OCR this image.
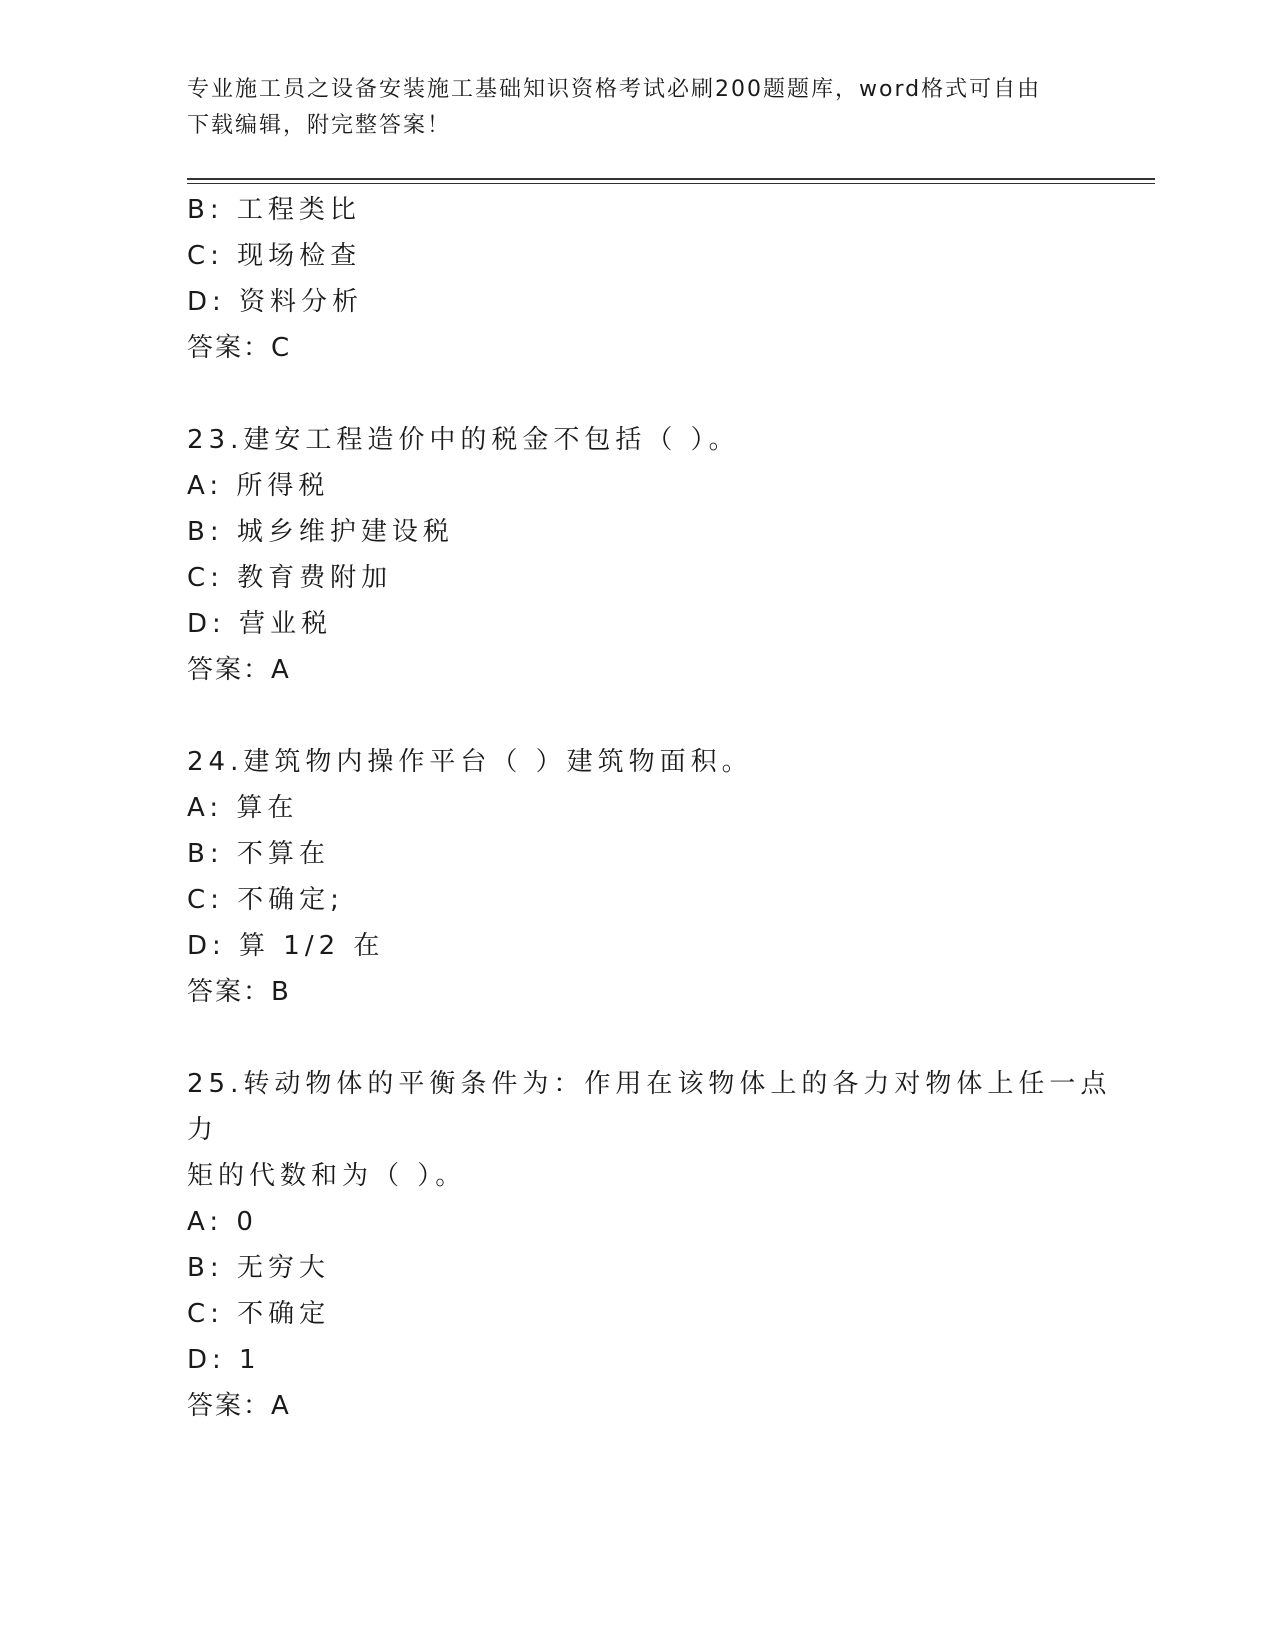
专业施工员之设备安装施工基础知识资格考试必刷200题题库，word格式可自由
下载编辑，附完整答案！
B: 工程类比
C: 现场检查
D: 资料分析
答案：C
23.建安工程造价中的税金不包括（ ）。
A: 所得税
B: 城乡维护建设税
C: 教育费附加
D: 营业税
答案：A
24.建筑物内操作平台（ ）建筑物面积。
A: 算在
B: 不算在
C: 不确定;
D: 算 1/2 在
答案：B
25.转动物体的平衡条件为：作用在该物体上的各力对物体上任一点力
矩的代数和为（ ）。
A: 0
B: 无穷大
C: 不确定
D: 1
答案：A
